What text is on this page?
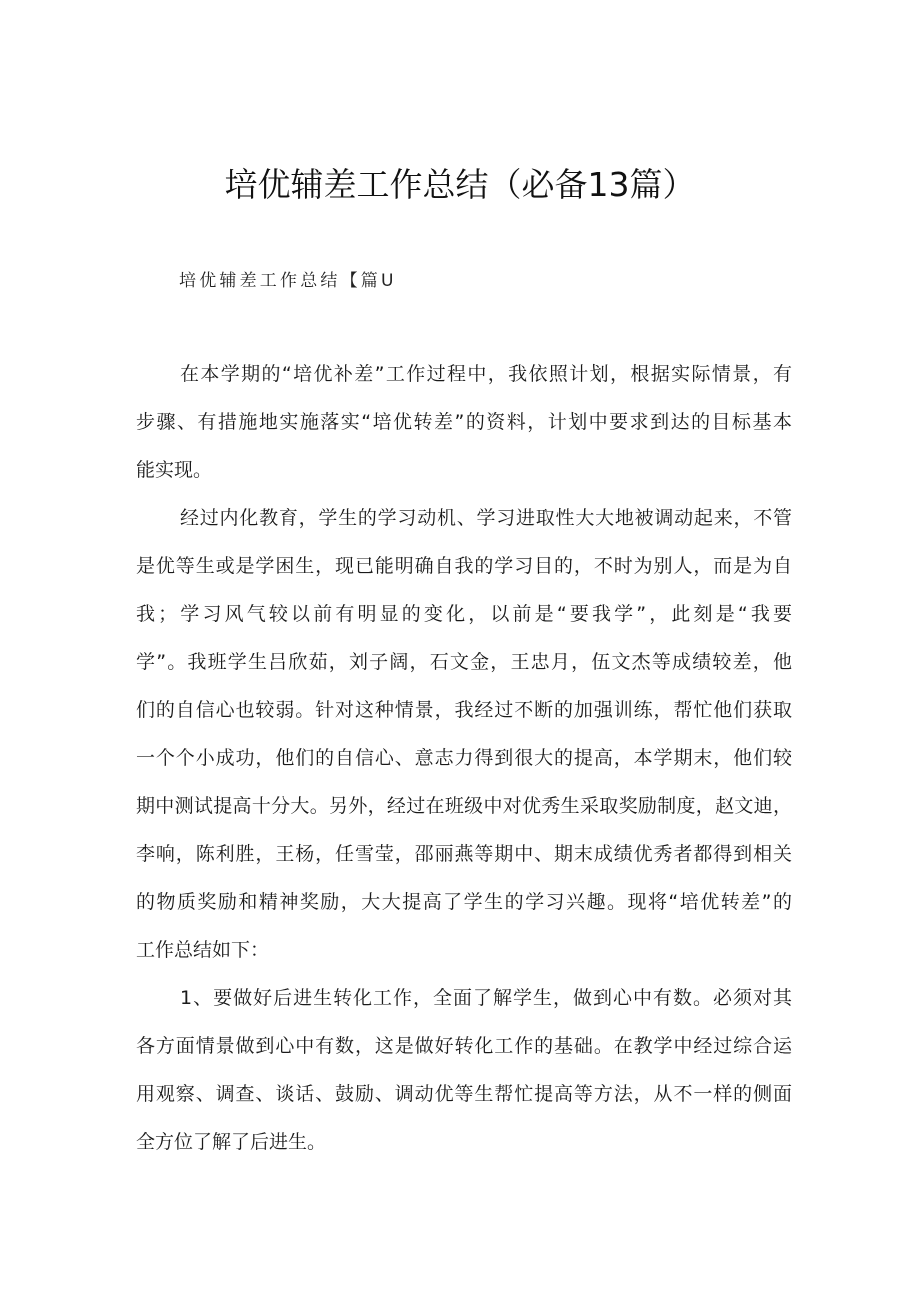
培优辅差工作总结（必备13篇）
培优辅差工作总结【篇U
在本学期的“培优补差”工作过程中，我依照计划，根据实际情景，有
步骤、有措施地实施落实“培优转差”的资料，计划中要求到达的目标基本
能实现。
经过内化教育，学生的学习动机、学习进取性大大地被调动起来，不管
是优等生或是学困生，现已能明确自我的学习目的，不时为别人，而是为自
我；学习风气较以前有明显的变化，以前是“要我学”，此刻是“我要
学”。我班学生吕欣茹，刘子阔，石文金，王忠月，伍文杰等成绩较差，他
们的自信心也较弱。针对这种情景，我经过不断的加强训练，帮忙他们获取
一个个小成功，他们的自信心、意志力得到很大的提高，本学期末，他们较
期中测试提高十分大。另外，经过在班级中对优秀生采取奖励制度，赵文迪，
李响，陈利胜，王杨，任雪莹，邵丽燕等期中、期末成绩优秀者都得到相关
的物质奖励和精神奖励，大大提高了学生的学习兴趣。现将“培优转差”的
工作总结如下：
1、要做好后进生转化工作，全面了解学生，做到心中有数。必须对其
各方面情景做到心中有数，这是做好转化工作的基础。在教学中经过综合运
用观察、调查、谈话、鼓励、调动优等生帮忙提高等方法，从不一样的侧面
全方位了解了后进生。
